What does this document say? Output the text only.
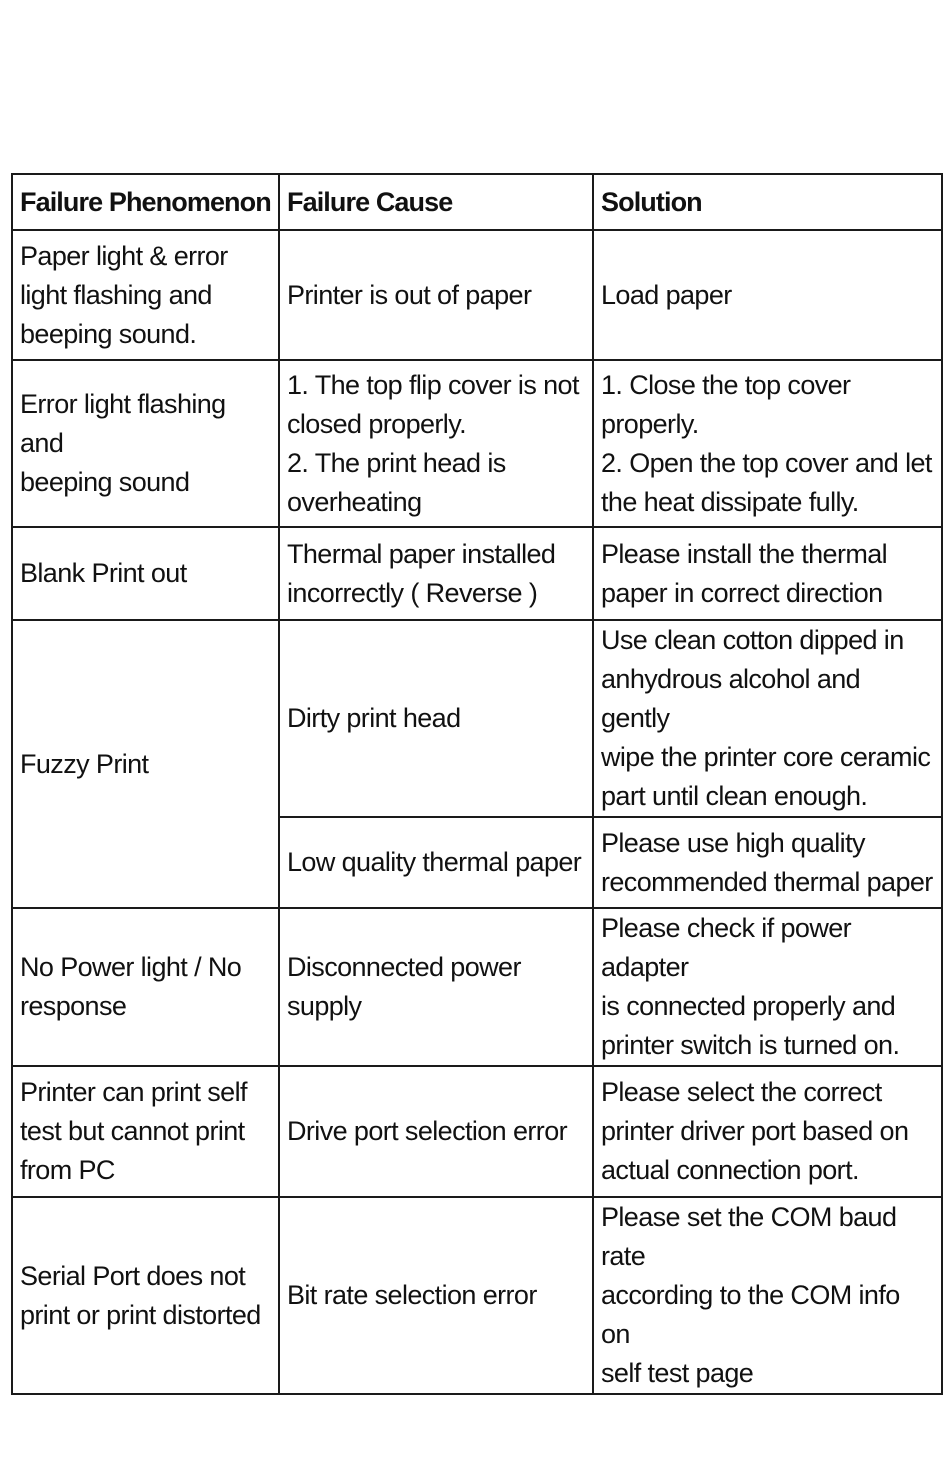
Failure Phenomenon	Failure Cause	Solution
Paper light & error
light flashing and
beeping sound.	Printer is out of paper	Load paper
Error light flashing and
beeping sound	1. The top flip cover is not
closed properly.
2. The print head is
overheating	1. Close the top cover properly.
2. Open the top cover and let
the heat dissipate fully.
Blank Print out	Thermal paper installed
incorrectly ( Reverse )	Please install the thermal
paper in correct direction
Fuzzy Print	Dirty print head	Use clean cotton dipped in
anhydrous alcohol and gently
wipe the printer core ceramic
part until clean enough.
	Low quality thermal paper	Please use high quality
recommended thermal paper
No Power light / No
response	Disconnected power supply	Please check if power adapter
is connected properly and
printer switch is turned on.
Printer can print self
test but cannot print
from PC	Drive port selection error	Please select the correct
printer driver port based on
actual connection port.
Serial Port does not
print or print distorted	Bit rate selection error	Please set the COM baud rate
according to the COM info on
self test page
